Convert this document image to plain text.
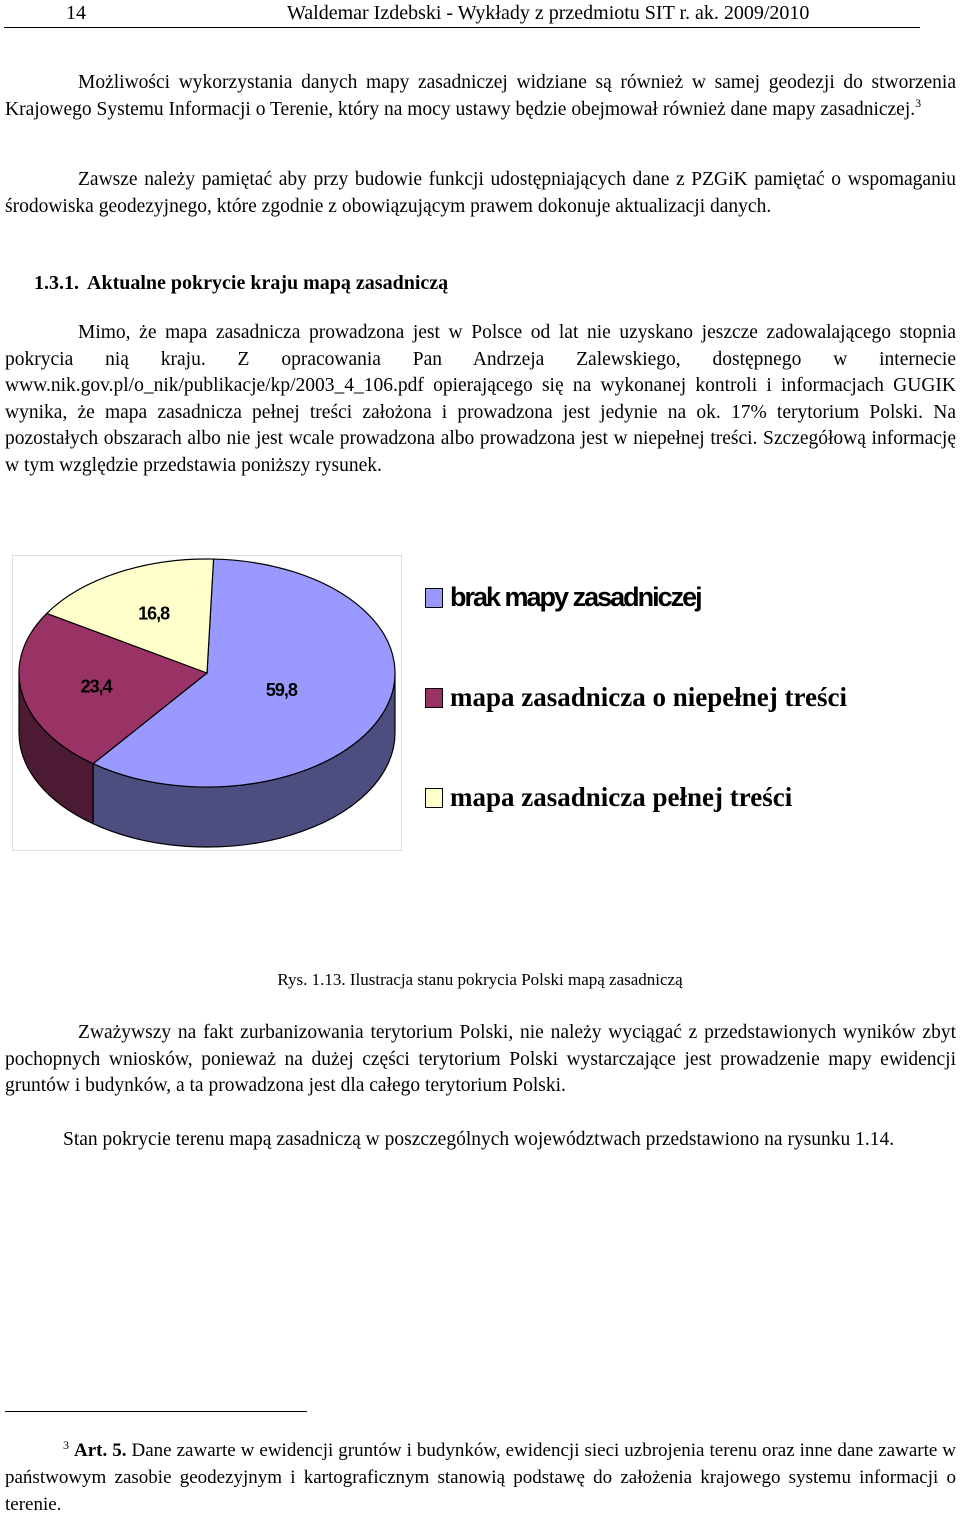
14	Waldemar Izdebski - Wykłady z przedmiotu SIT r. ak. 2009/2010

Możliwości wykorzystania danych mapy zasadniczej widziane są również w samej geodezji do stworzenia Krajowego Systemu Informacji o Terenie, który na mocy ustawy będzie obejmował również dane mapy zasadniczej.$^3$

Zawsze należy pamiętać aby przy budowie funkcji udostępniających dane z PZGiK pamiętać o wspomaganiu środowiska geodezyjnego, które zgodnie z obowiązującym prawem dokonuje aktualizacji danych.

1.3.1. Aktualne pokrycie kraju mapą zasadniczą

Mimo, że mapa zasadnicza prowadzona jest w Polsce od lat nie uzyskano jeszcze zadowalającego stopnia pokrycia nią kraju. Z opracowania Pan Andrzeja Zalewskiego, dostępnego w internecie www.nik.gov.pl/o_nik/publikacje/kp/2003_4_106.pdf opierającego się na wykonanej kontroli i informacjach GUGIK wynika, że mapa zasadnicza pełnej treści założona i prowadzona jest jedynie na ok. 17% terytorium Polski. Na pozostałych obszarach albo nie jest wcale prowadzona albo prowadzona jest w niepełnej treści. Szczegółową informację w tym względzie przedstawia poniższy rysunek.

59,8
23,4
16,8
brak mapy zasadniczej
mapa zasadnicza o niepełnej treści
mapa zasadnicza pełnej treści
Rys. 1.13. Ilustracja stanu pokrycia Polski mapą zasadniczą

Zważywszy na fakt zurbanizowania terytorium Polski, nie należy wyciągać z przedstawionych wyników zbyt pochopnych wniosków, ponieważ na dużej części terytorium Polski wystarczające jest prowadzenie mapy ewidencji gruntów i budynków, a ta prowadzona jest dla całego terytorium Polski.

Stan pokrycie terenu mapą zasadniczą w poszczególnych województwach przedstawiono na rysunku 1.14.

$^3$ Art. 5. Dane zawarte w ewidencji gruntów i budynków, ewidencji sieci uzbrojenia terenu oraz inne dane zawarte w państwowym zasobie geodezyjnym i kartograficznym stanowią podstawę do założenia krajowego systemu informacji o terenie.
